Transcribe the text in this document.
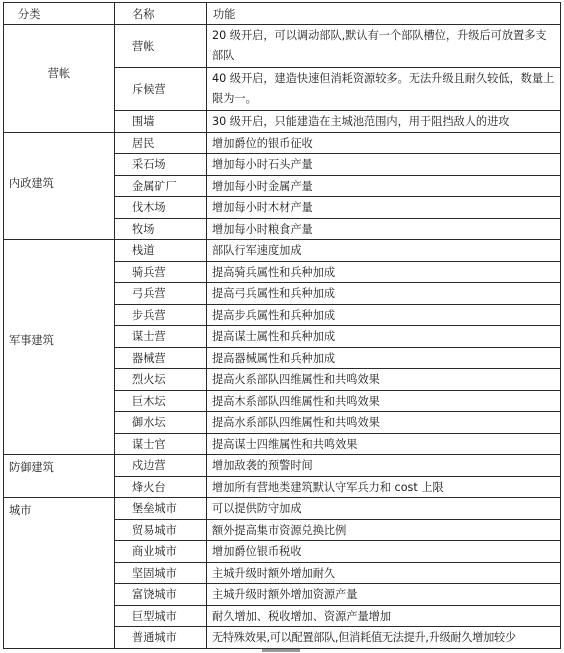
分类	名称	功能
营帐	营帐	20 级开启，可以调动部队,默认有一个部队槽位，升级后可放置多支部队
	斥候营	40 级开启，建造快速但消耗资源较多。无法升级且耐久较低，数量上限为一。
	围墙	30 级开启，只能建造在主城池范围内，用于阻挡敌人的进攻
内政建筑	居民	增加爵位的银币征收
	采石场	增加每小时石头产量
	金属矿厂	增加每小时金属产量
	伐木场	增加每小时木材产量
	牧场	增加每小时粮食产量
军事建筑	栈道	部队行军速度加成
	骑兵营	提高骑兵属性和兵种加成
	弓兵营	提高弓兵属性和兵种加成
	步兵营	提高步兵属性和兵种加成
	谋士营	提高谋士属性和兵种加成
	器械营	提高器械属性和兵种加成
	烈火坛	提高火系部队四维属性和共鸣效果
	巨木坛	提高木系部队四维属性和共鸣效果
	御水坛	提高水系部队四维属性和共鸣效果
	谋士官	提高谋士四维属性和共鸣效果
防御建筑	戍边营	增加敌袭的预警时间
	烽火台	增加所有营地类建筑默认守军兵力和 cost 上限
城市	堡垒城市	可以提供防守加成
	贸易城市	额外提高集市资源兑换比例
	商业城市	增加爵位银币税收
	坚固城市	主城升级时额外增加耐久
	富饶城市	主城升级时额外增加资源产量
	巨型城市	耐久增加、税收增加、资源产量增加
	普通城市	无特殊效果,可以配置部队,但消耗值无法提升,升级耐久增加较少
